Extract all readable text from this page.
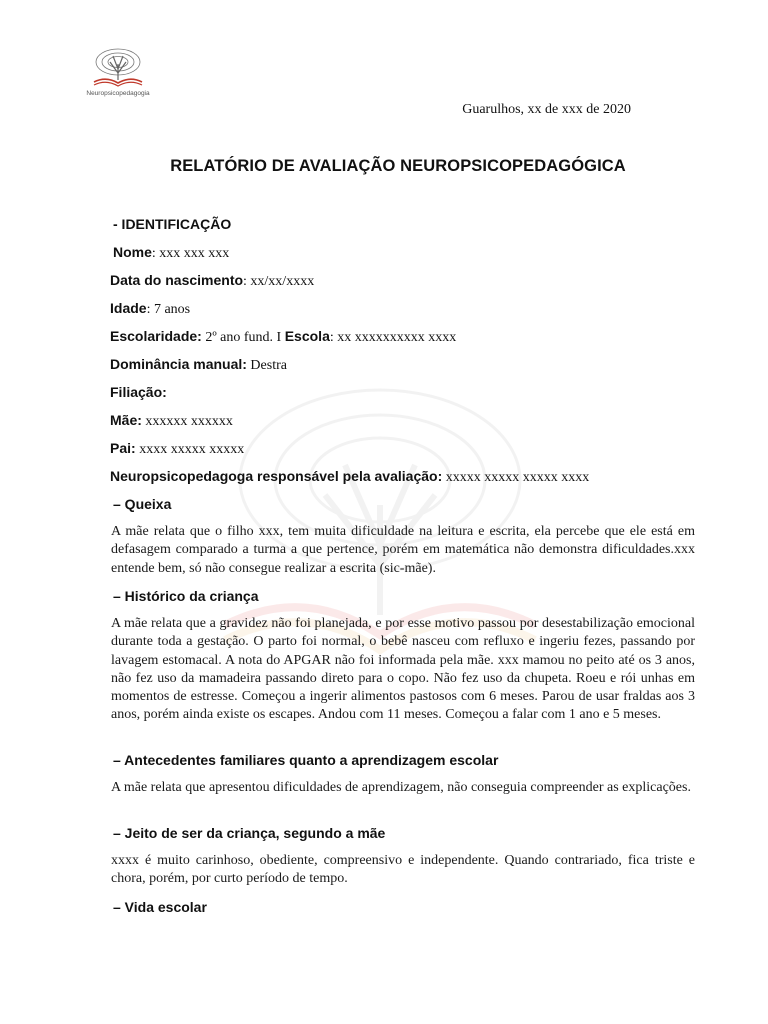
Neuropsicopedagogia
Guarulhos, xx de xxx de 2020
RELATÓRIO DE AVALIAÇÃO NEUROPSICOPEDAGÓGICA
- IDENTIFICAÇÃO
Nome: xxx xxx xxx
Data do nascimento: xx/xx/xxxx
Idade: 7 anos
Escolaridade: 2º ano fund. I Escola: xx xxxxxxxxxx xxxx
Dominância manual: Destra
Filiação:
Mãe: xxxxxx xxxxxx
Pai: xxxx xxxxx xxxxx
Neuropsicopedagoga responsável pela avaliação: xxxxx xxxxx xxxxx xxxx
– Queixa
A mãe relata que o filho xxx, tem muita dificuldade na leitura e escrita, ela percebe que ele está em defasagem comparado a turma a que pertence, porém em matemática não demonstra dificuldades.xxx entende bem, só não consegue realizar a escrita (sic-mãe).
– Histórico da criança
A mãe relata que a gravidez não foi planejada, e por esse motivo passou por desestabilização emocional durante toda a gestação. O parto foi normal, o bebê nasceu com refluxo e ingeriu fezes, passando por lavagem estomacal. A nota do APGAR não foi informada pela mãe. xxx mamou no peito até os 3 anos, não fez uso da mamadeira passando direto para o copo. Não fez uso da chupeta. Roeu e rói unhas em momentos de estresse. Começou a ingerir alimentos pastosos com 6 meses. Parou de usar fraldas aos 3 anos, porém ainda existe os escapes. Andou com 11 meses. Começou a falar com 1 ano e 5 meses.
– Antecedentes familiares quanto a aprendizagem escolar
A mãe relata que apresentou dificuldades de aprendizagem, não conseguia compreender as explicações.
– Jeito de ser da criança, segundo a mãe
xxxx é muito carinhoso, obediente, compreensivo e independente. Quando contrariado, fica triste e chora, porém, por curto período de tempo.
– Vida escolar
